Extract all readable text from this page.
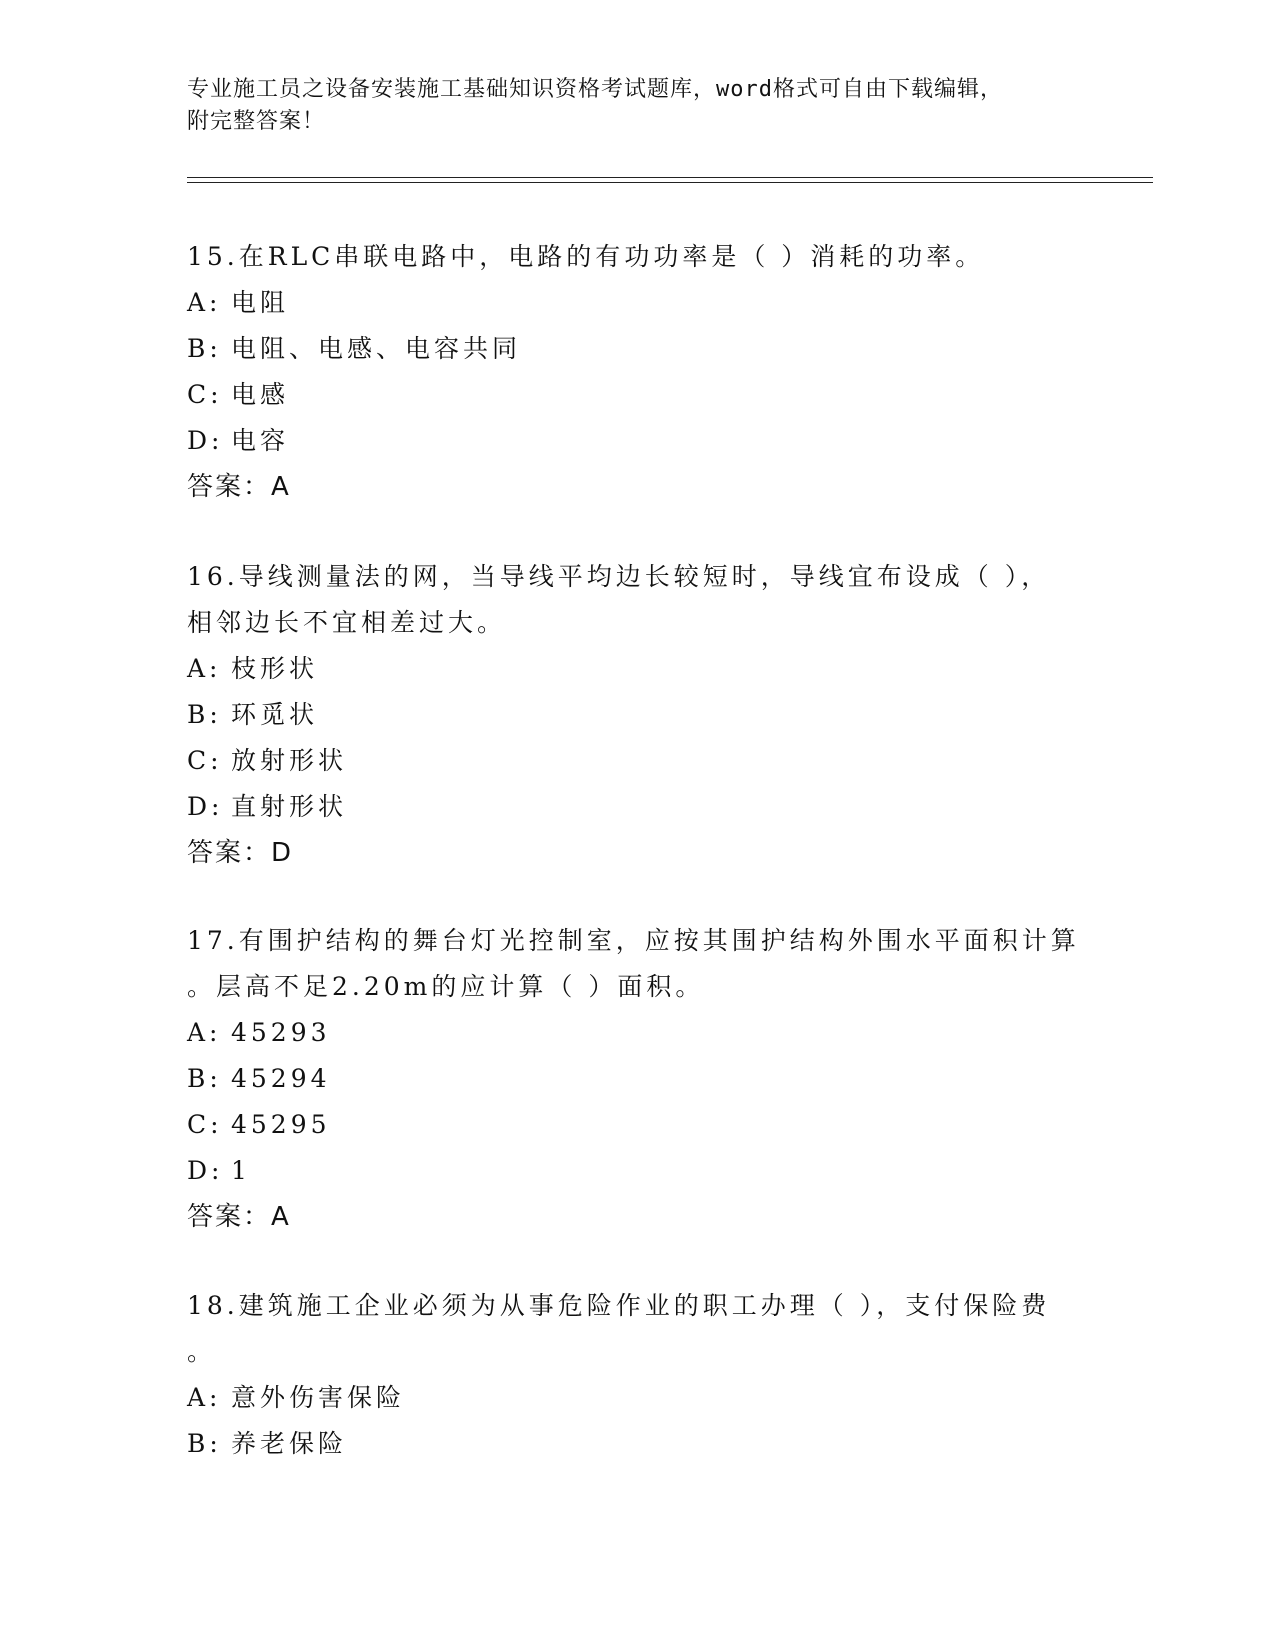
专业施工员之设备安装施工基础知识资格考试题库，word格式可自由下载编辑，
附完整答案！
15.在RLC串联电路中，电路的有功功率是（ ）消耗的功率。
A: 电阻
B: 电阻、电感、电容共同
C: 电感
D: 电容
答案：A
16.导线测量法的网，当导线平均边长较短时，导线宜布设成（ ），
相邻边长不宜相差过大。
A: 枝形状
B: 环觅状
C: 放射形状
D: 直射形状
答案：D
17.有围护结构的舞台灯光控制室，应按其围护结构外围水平面积计算
。层高不足2.20m的应计算（ ）面积。
A: 45293
B: 45294
C: 45295
D: 1
答案：A
18.建筑施工企业必须为从事危险作业的职工办理（ ），支付保险费
。
A: 意外伤害保险
B: 养老保险
